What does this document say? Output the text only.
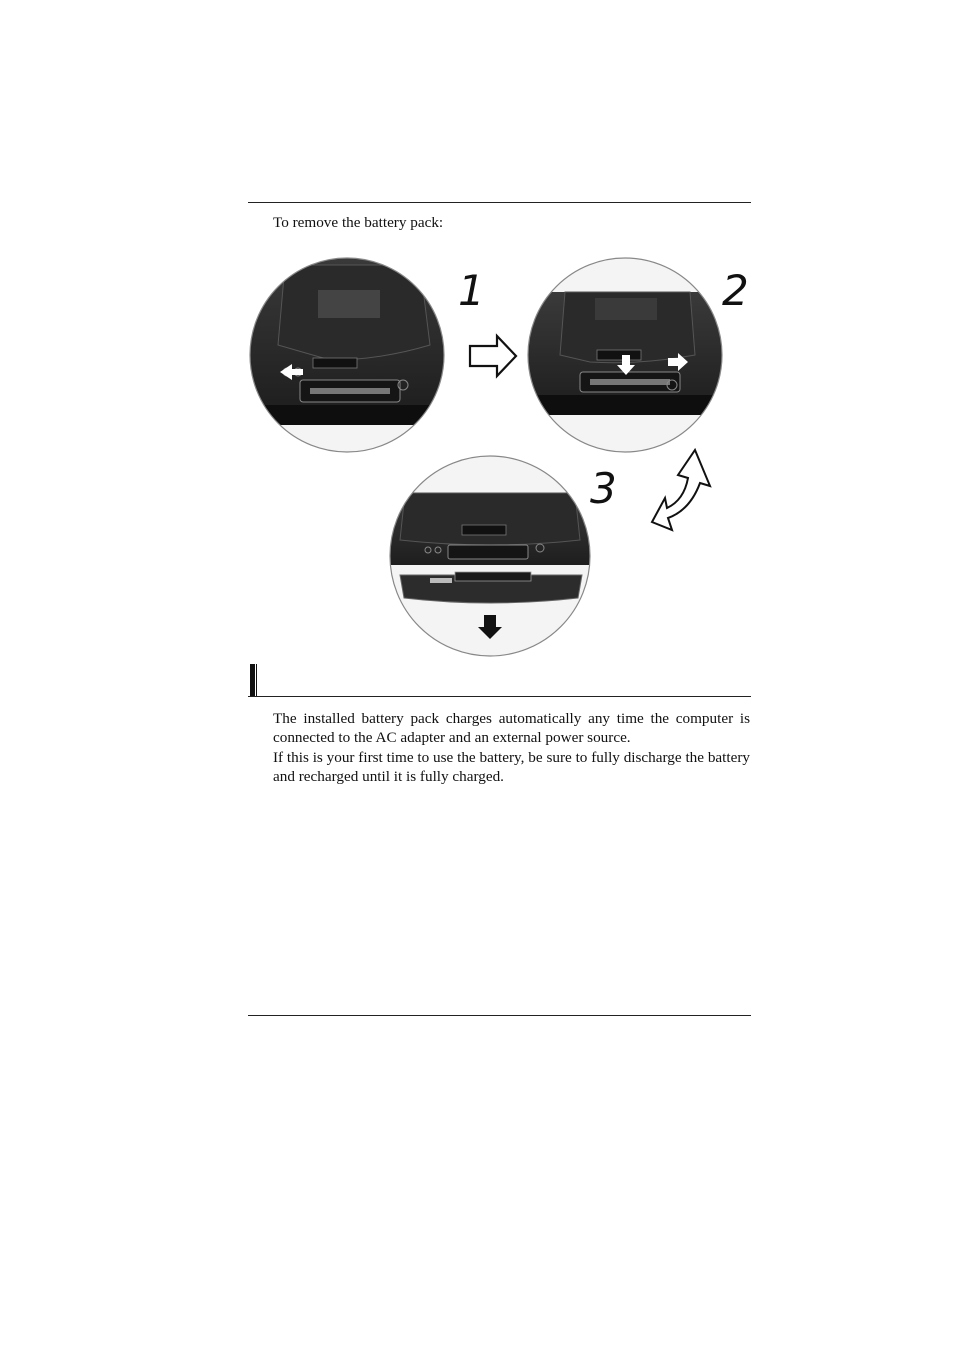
To remove the battery pack:
1	2
3

The installed battery pack charges automatically any time the computer is connected to the AC adapter and an external power source.

If this is your first time to use the battery, be sure to fully discharge the battery and recharged until it is fully charged.
